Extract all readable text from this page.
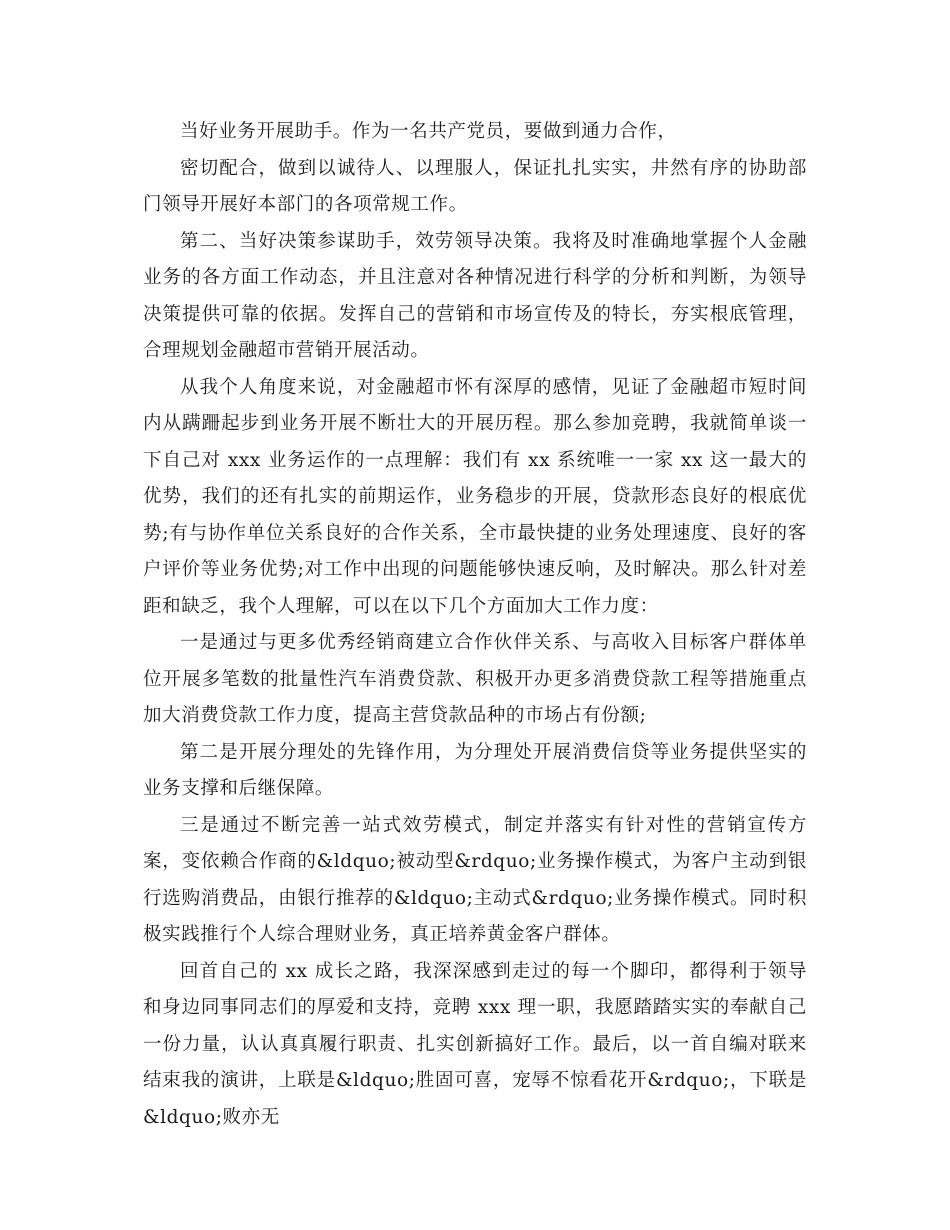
当好业务开展助手。作为一名共产党员，要做到通力合作，

密切配合，做到以诚待人、以理服人，保证扎扎实实，井然有序的协助部门领导开展好本部门的各项常规工作。

第二、当好决策参谋助手，效劳领导决策。我将及时准确地掌握个人金融业务的各方面工作动态，并且注意对各种情况进行科学的分析和判断，为领导决策提供可靠的依据。发挥自己的营销和市场宣传及的特长，夯实根底管理，合理规划金融超市营销开展活动。

从我个人角度来说，对金融超市怀有深厚的感情，见证了金融超市短时间内从蹒跚起步到业务开展不断壮大的开展历程。那么参加竞聘，我就简单谈一下自己对 xxx 业务运作的一点理解：我们有 xx 系统唯一一家 xx 这一最大的优势，我们的还有扎实的前期运作，业务稳步的开展，贷款形态良好的根底优势;有与协作单位关系良好的合作关系，全市最快捷的业务处理速度、良好的客户评价等业务优势;对工作中出现的问题能够快速反响，及时解决。那么针对差距和缺乏，我个人理解，可以在以下几个方面加大工作力度：

一是通过与更多优秀经销商建立合作伙伴关系、与高收入目标客户群体单位开展多笔数的批量性汽车消费贷款、积极开办更多消费贷款工程等措施重点加大消费贷款工作力度，提高主营贷款品种的市场占有份额;

第二是开展分理处的先锋作用，为分理处开展消费信贷等业务提供坚实的业务支撑和后继保障。

三是通过不断完善一站式效劳模式，制定并落实有针对性的营销宣传方案，变依赖合作商的&ldquo;被动型&rdquo;业务操作模式，为客户主动到银行选购消费品，由银行推荐的&ldquo;主动式&rdquo;业务操作模式。同时积极实践推行个人综合理财业务，真正培养黄金客户群体。

回首自己的 xx 成长之路，我深深感到走过的每一个脚印，都得利于领导和身边同事同志们的厚爱和支持，竞聘 xxx 理一职，我愿踏踏实实的奉献自己一份力量，认认真真履行职责、扎实创新搞好工作。最后，以一首自编对联来结束我的演讲，上联是&ldquo;胜固可喜，宠辱不惊看花开&rdquo;，下联是&ldquo;败亦无
